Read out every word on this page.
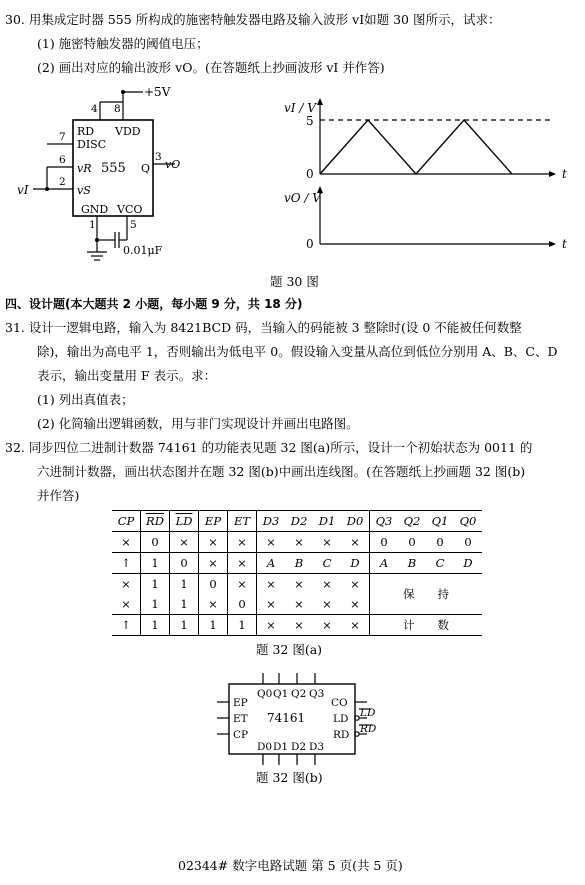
30. 用集成定时器 555 所构成的施密特触发器电路及输入波形 vI如题 30 图所示，试求：
(1) 施密特触发器的阈值电压；
(2) 画出对应的输出波形 vO。(在答题纸上抄画波形 vI 并作答)
+5V
4 8
RD VDD
7
DISC
6
vR 555 Q
3
vO
2
vS
vI
GND VCO
1	5
0.01μF
vI / V
5
0	t
vO / V
0	t
题 30 图
四、设计题(本大题共 2 小题，每小题 9 分，共 18 分)
31. 设计一逻辑电路，输入为 8421BCD 码，当输入的码能被 3 整除时(设 0 不能被任何数整
除)，输出为高电平 1，否则输出为低电平 0。假设输入变量从高位到低位分别用 A、B、C、D
表示，输出变量用 F 表示。求：
(1) 列出真值表；
(2) 化简输出逻辑函数，用与非门实现设计并画出电路图。
32. 同步四位二进制计数器 74161 的功能表见题 32 图(a)所示，设计一个初始状态为 0011 的
六进制计数器，画出状态图并在题 32 图(b)中画出连线图。(在答题纸上抄画题 32 图(b)
并作答)
CP	$\overline{RD}$	$\overline{LD}$	EP	ET	D3	D2	D1	D0	Q3	Q2	Q1	Q0
×	0	×	×	×	×	×	×	×	0	0	0	0
↑	1	0	×	×	A	B	C	D	A	B	C	D
×	1	1	0	×	×	×	×	×	保　　持			
×	1	1	×	0	×	×	×	×				
↑	1	1	1	1	×	×	×	×	计　　数			
题 32 图(a)
Q0 Q1 Q2 Q3
EP
ET
CP
74161
CO
LD
RD
LD
RD
D0 D1 D2 D3
题 32 图(b)
02344# 数字电路试题 第 5 页(共 5 页)
